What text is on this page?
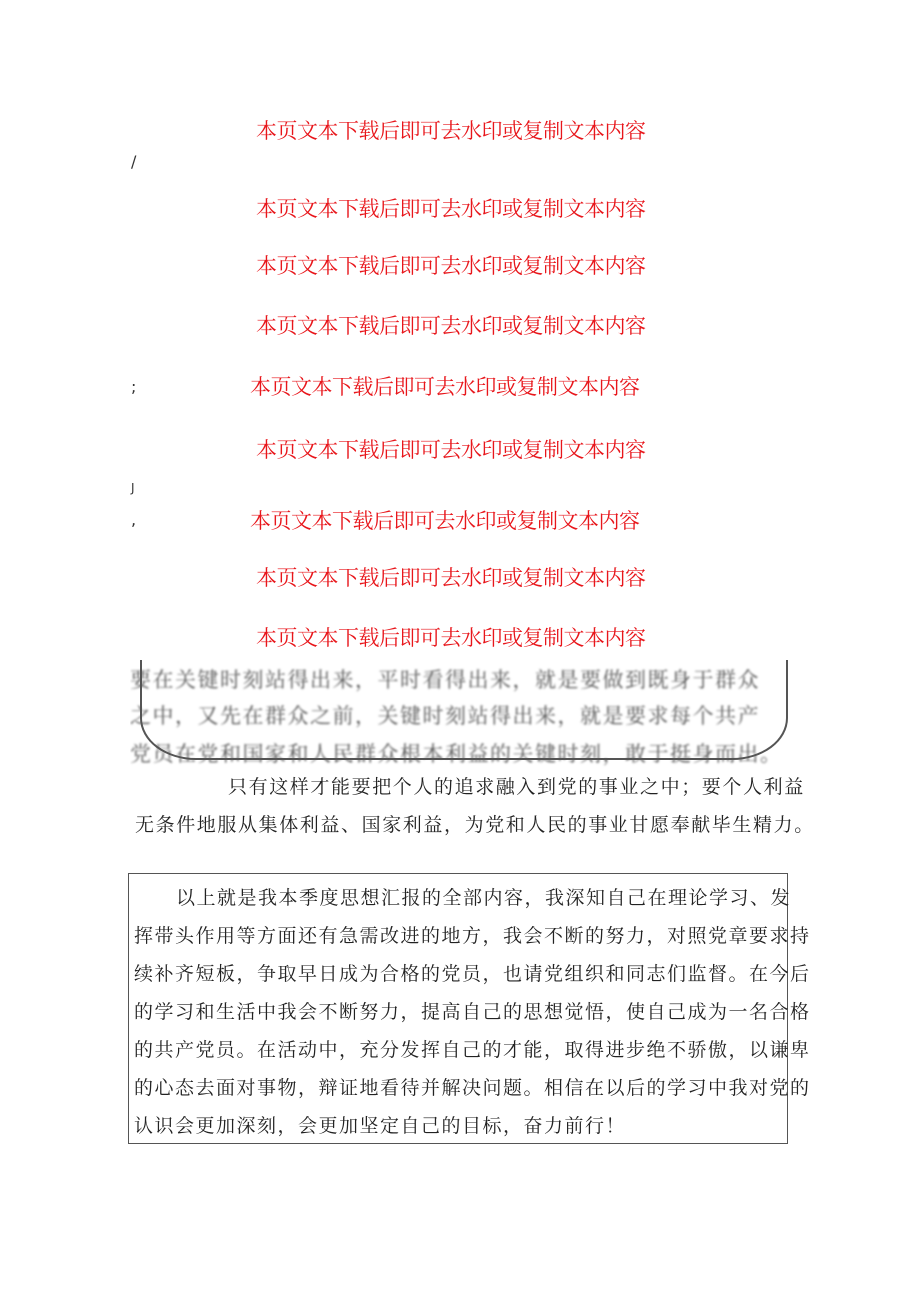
本页文本下载后即可去水印或复制文本内容

/

本页文本下载后即可去水印或复制文本内容

本页文本下载后即可去水印或复制文本内容

本页文本下载后即可去水印或复制文本内容

;	本页文本下载后即可去水印或复制文本内容

本页文本下载后即可去水印或复制文本内容

J
,	本页文本下载后即可去水印或复制文本内容

本页文本下载后即可去水印或复制文本内容

本页文本下载后即可去水印或复制文本内容

要在关键时刻站得出来，平时看得出来，就是要做到既身于群众

之中，又先在群众之前，关键时刻站得出来，就是要求每个共产

党员在党和国家和人民群众根本利益的关键时刻，敢于挺身而出。

只有这样才能要把个人的追求融入到党的事业之中；要个人利益

无条件地服从集体利益、国家利益，为党和人民的事业甘愿奉献毕生精力。

以上就是我本季度思想汇报的全部内容，我深知自己在理论学习、发

挥带头作用等方面还有急需改进的地方，我会不断的努力，对照党章要求持

续补齐短板，争取早日成为合格的党员，也请党组织和同志们监督。在今后

的学习和生活中我会不断努力，提高自己的思想觉悟，使自己成为一名合格

的共产党员。在活动中，充分发挥自己的才能，取得进步绝不骄傲，以谦卑

的心态去面对事物，辩证地看待并解决问题。相信在以后的学习中我对党的

认识会更加深刻，会更加坚定自己的目标，奋力前行！
